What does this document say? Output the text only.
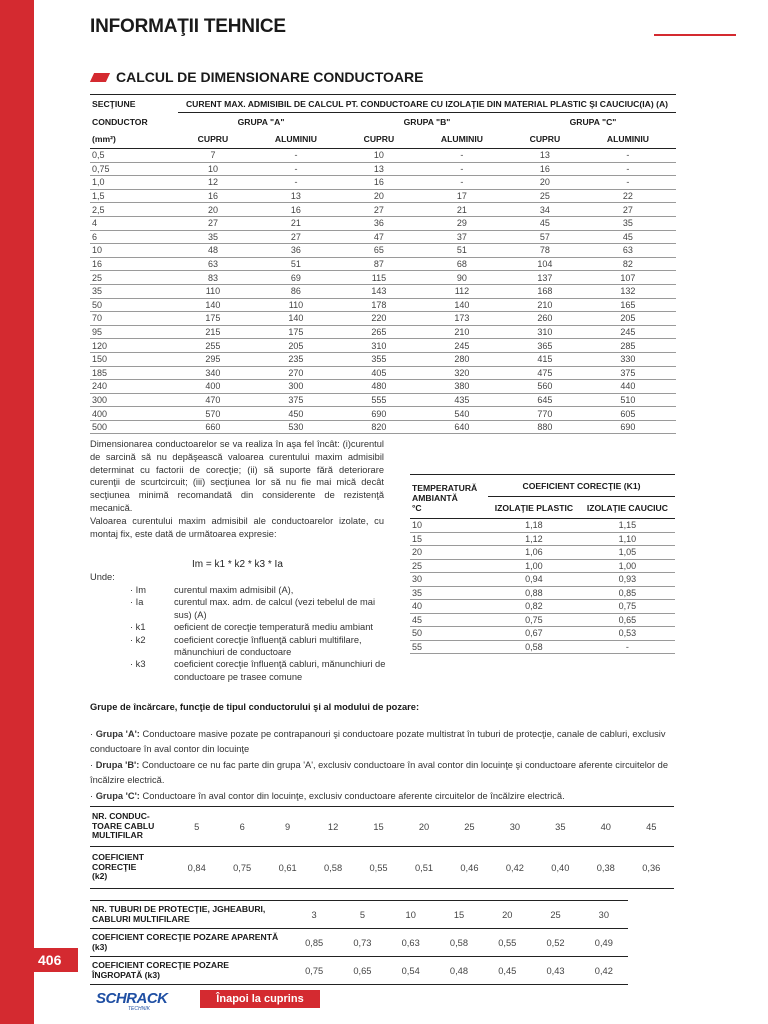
406
INFORMAŢII TEHNICE
CALCUL DE DIMENSIONARE CONDUCTOARE
SECŢIUNE	CURENT MAX. ADMISIBIL DE CALCUL PT. CONDUCTOARE CU IZOLAŢIE DIN MATERIAL PLASTIC ŞI CAUCIUC(IA) (A)					
CONDUCTOR	GRUPA "A"		GRUPA "B"		GRUPA "C"	
(mm²)	CUPRU	ALUMINIU	CUPRU	ALUMINIU	CUPRU	ALUMINIU
0,5	7	-	10	-	13	-
0,75	10	-	13	-	16	-
1,0	12	-	16	-	20	-
1,5	16	13	20	17	25	22
2,5	20	16	27	21	34	27
4	27	21	36	29	45	35
6	35	27	47	37	57	45
10	48	36	65	51	78	63
16	63	51	87	68	104	82
25	83	69	115	90	137	107
35	110	86	143	112	168	132
50	140	110	178	140	210	165
70	175	140	220	173	260	205
95	215	175	265	210	310	245
120	255	205	310	245	365	285
150	295	235	355	280	415	330
185	340	270	405	320	475	375
240	400	300	480	380	560	440
300	470	375	555	435	645	510
400	570	450	690	540	770	605
500	660	530	820	640	880	690
Dimensionarea conductoarelor se va realiza în aşa fel încât: (i)curentul de sarcină să nu depăşească valoarea curentului maxim admisibil determinat cu factorii de corecţie; (ii) să suporte fără deteriorare curenţii de scurtcircuit; (iii) secţiunea lor să nu fie mai mică decât secţiunea minimă recomandată din considerente de rezistenţă mecanică.
Valoarea curentului maxim admisibil ale conductoarelor izolate, cu montaj fix, este dată de următoarea expresie:
Im = k1 * k2 * k3 * Ia
Unde:
· Im	curentul maxim admisibil (A),
· Ia	curentul max. adm. de calcul (vezi tebelul de mai sus) (A)
· k1	oeficient de corecţie temperatură mediu ambiant
· k2	coeficient corecţie înfluenţă cabluri multifilare, mănunchiuri de conductoare
· k3	coeficient corecţie înfluenţă cabluri, mănunchiuri de conductoare pe trasee comune
TEMPERATURĂ
AMBIANTĂ
°C	COEFICIENT CORECŢIE (K1)	
	IZOLAŢIE PLASTIC	IZOLAŢIE CAUCIUC
10	1,18	1,15
15	1,12	1,10
20	1,06	1,05
25	1,00	1,00
30	0,94	0,93
35	0,88	0,85
40	0,82	0,75
45	0,75	0,65
50	0,67	0,53
55	0,58	-
Grupe de încărcare, funcţie de tipul conductorului şi al modului de pozare:
· Grupa 'A': Conductoare masive pozate pe contrapanouri şi conductoare pozate multistrat în tuburi de protecţie, canale de cabluri, exclusiv conductoare în aval contor din locuinţe
· Drupa 'B': Conductoare ce nu fac parte din grupa 'A', exclusiv conductoare în aval contor din locuinţe şi conductoare aferente circuitelor de încălzire electrică.
· Grupa 'C': Conductoare în aval contor din locuinţe, exclusiv conductoare aferente circuitelor de încălzire electrică.
NR. CONDUC-
TOARE CABLU
MULTIFILAR	5	6	9	12	15	20	25	30	35	40	45

COEFICIENT
CORECŢIE
(k2)	0,84	0,75	0,61	0,58	0,55	0,51	0,46	0,42	0,40	0,38	0,36
NR. TUBURI DE PROTECŢIE, JGHEABURI,
CABLURI MULTIFILARE	3	5	10	15	20	25	30

COEFICIENT CORECŢIE POZARE APARENTĂ
(k3)	0,85	0,73	0,63	0,58	0,55	0,52	0,49

COEFICIENT CORECŢIE POZARE
ÎNGROPATĂ (k3)	0,75	0,65	0,54	0,48	0,45	0,43	0,42
SCHRACK
TECHNIK
Înapoi la cuprins
